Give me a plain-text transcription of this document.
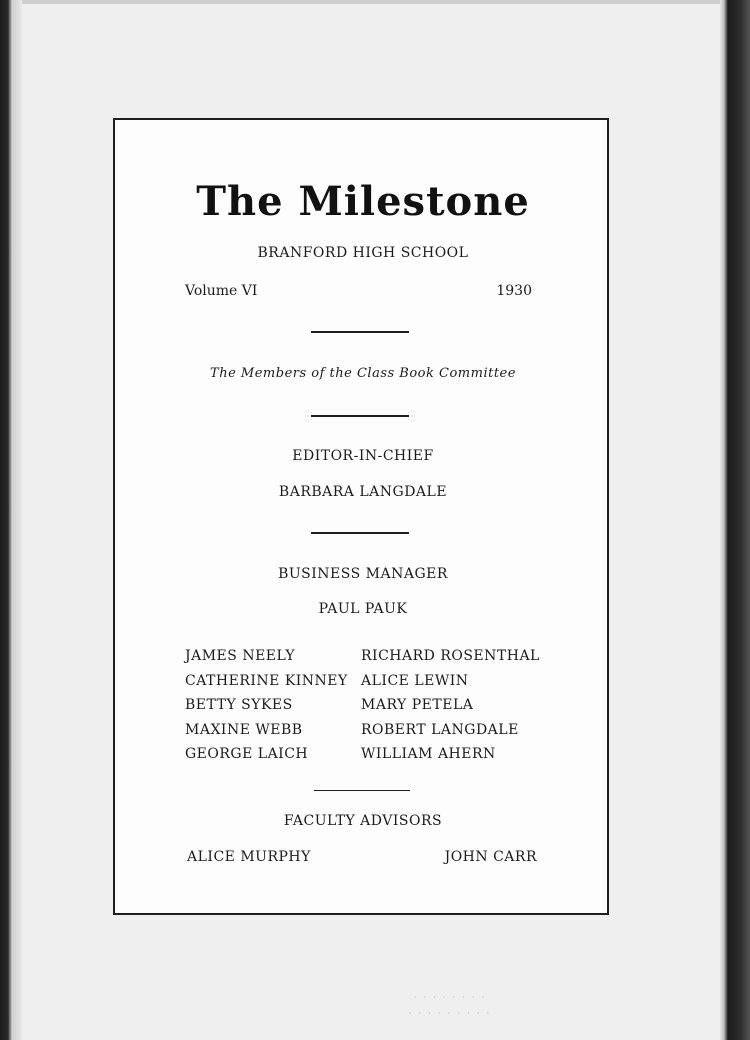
The Milestone
BRANFORD HIGH SCHOOL
Volume VI	1930
The Members of the Class Book Committee
EDITOR-IN-CHIEF
BARBARA LANGDALE
BUSINESS MANAGER
PAUL PAUK
JAMES NEELY
CATHERINE KINNEY
BETTY SYKES
MAXINE WEBB
GEORGE LAICH
RICHARD ROSENTHAL
ALICE LEWIN
MARY PETELA
ROBERT LANGDALE
WILLIAM AHERN
FACULTY ADVISORS
ALICE MURPHY	JOHN CARR
· · · · · · · ·
· · · · · · · · ·
